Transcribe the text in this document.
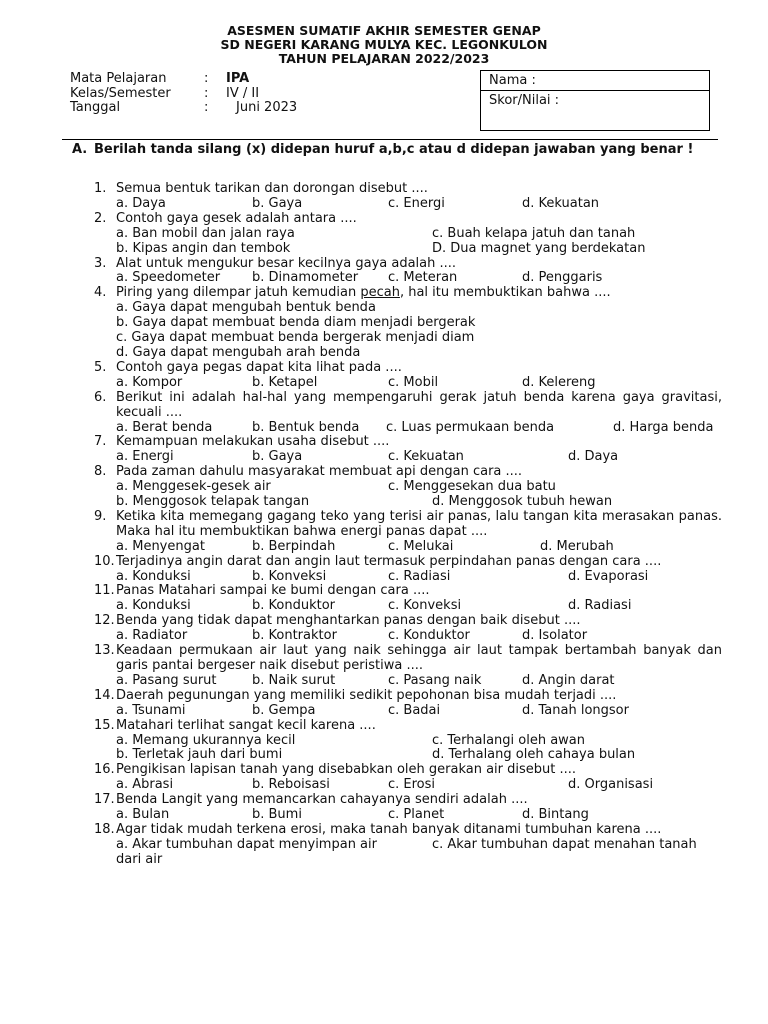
ASESMEN SUMATIF AKHIR SEMESTER GENAP
SD NEGERI KARANG MULYA KEC. LEGONKULON
TAHUN PELAJARAN 2022/2023
Mata Pelajaran	:	IPA
Kelas/Semester	:	IV / II
Tanggal	:	Juni 2023
Nama :
Skor/Nilai :
A. Berilah tanda silang (x) didepan huruf a,b,c atau d didepan jawaban yang benar !
1. Semua bentuk tarikan dan dorongan disebut ....
a. Daya	b. Gaya	c. Energi	d. Kekuatan
2. Contoh gaya gesek adalah antara ....
a. Ban mobil dan jalan raya	c. Buah kelapa jatuh dan tanah
b. Kipas angin dan tembok	D. Dua magnet yang berdekatan
3. Alat untuk mengukur besar kecilnya gaya adalah ....
a. Speedometer	b. Dinamometer	c. Meteran	d. Penggaris
4. Piring yang dilempar jatuh kemudian pecah, hal itu membuktikan bahwa ....
a. Gaya dapat mengubah bentuk benda
b. Gaya dapat membuat benda diam menjadi bergerak
c. Gaya dapat membuat benda bergerak menjadi diam
d. Gaya dapat mengubah arah benda
5. Contoh gaya pegas dapat kita lihat pada ....
a. Kompor	b. Ketapel	c. Mobil	d. Kelereng
6. Berikut ini adalah hal-hal yang mempengaruhi gerak jatuh benda karena gaya gravitasi, kecuali ....
a. Berat benda	b. Bentuk benda	c. Luas permukaan benda	d. Harga benda
7. Kemampuan melakukan usaha disebut ....
a. Energi	b. Gaya	c. Kekuatan	d. Daya
8. Pada zaman dahulu masyarakat membuat api dengan cara ....
a. Menggesek-gesek air	c. Menggesekan dua batu
b. Menggosok telapak tangan	d. Menggosok tubuh hewan
9. Ketika kita memegang gagang teko yang terisi air panas, lalu tangan kita merasakan panas. Maka hal itu membuktikan bahwa energi panas dapat ....
a. Menyengat	b. Berpindah	c. Melukai	d. Merubah
10. Terjadinya angin darat dan angin laut termasuk perpindahan panas dengan cara ....
a. Konduksi	b. Konveksi	c. Radiasi	d. Evaporasi
11. Panas Matahari sampai ke bumi dengan cara ....
a. Konduksi	b. Konduktor	c. Konveksi	d. Radiasi
12. Benda yang tidak dapat menghantarkan panas dengan baik disebut ....
a. Radiator	b. Kontraktor	c. Konduktor	d. Isolator
13. Keadaan permukaan air laut yang naik sehingga air laut tampak bertambah banyak dan garis pantai bergeser naik disebut peristiwa ....
a. Pasang surut	b. Naik surut	c. Pasang naik	d. Angin darat
14. Daerah pegunungan yang memiliki sedikit pepohonan bisa mudah terjadi ....
a. Tsunami	b. Gempa	c. Badai	d. Tanah longsor
15. Matahari terlihat sangat kecil karena ....
a. Memang ukurannya kecil	c. Terhalangi oleh awan
b. Terletak jauh dari bumi	d. Terhalang oleh cahaya bulan
16. Pengikisan lapisan tanah yang disebabkan oleh gerakan air disebut ....
a. Abrasi	b. Reboisasi	c. Erosi	d. Organisasi
17. Benda Langit yang memancarkan cahayanya sendiri adalah ....
a. Bulan	b. Bumi	c. Planet	d. Bintang
18. Agar tidak mudah terkena erosi, maka tanah banyak ditanami tumbuhan karena ....
a. Akar tumbuhan dapat menyimpan air	c. Akar tumbuhan dapat menahan tanah
dari air
